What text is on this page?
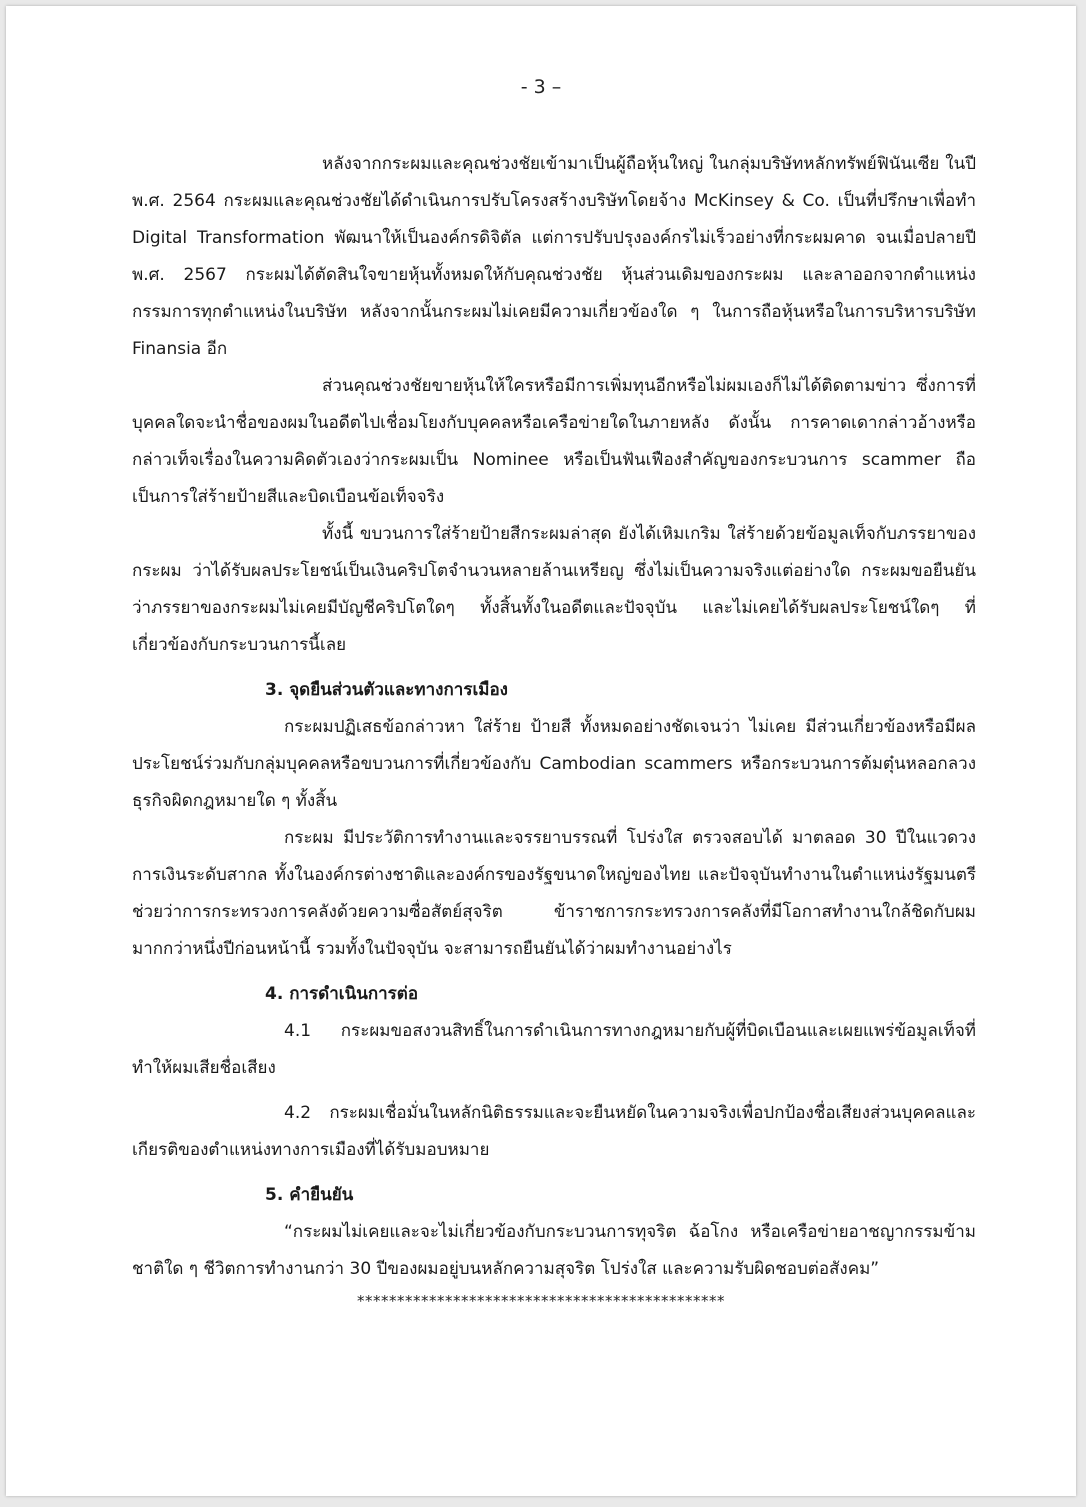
- 3 –

หลังจากกระผมและคุณช่วงชัยเข้ามาเป็นผู้ถือหุ้นใหญ่ ในกลุ่มบริษัทหลักทรัพย์ฟินันเซีย ในปี พ.ศ. 2564 กระผมและคุณช่วงชัยได้ดำเนินการปรับโครงสร้างบริษัทโดยจ้าง McKinsey & Co. เป็นที่ปรึกษาเพื่อทำ Digital Transformation พัฒนาให้เป็นองค์กรดิจิตัล แต่การปรับปรุงองค์กรไม่เร็วอย่างที่กระผมคาด จนเมื่อปลายปี พ.ศ. 2567 กระผมได้ตัดสินใจขายหุ้นทั้งหมดให้กับคุณช่วงชัย หุ้นส่วนเดิมของกระผม และลาออกจากตำแหน่งกรรมการทุกตำแหน่งในบริษัท หลังจากนั้นกระผมไม่เคยมีความเกี่ยวข้องใด ๆ ในการถือหุ้นหรือในการบริหารบริษัท Finansia อีก

ส่วนคุณช่วงชัยขายหุ้นให้ใครหรือมีการเพิ่มทุนอีกหรือไม่ผมเองก็ไม่ได้ติดตามข่าว ซึ่งการที่บุคคลใดจะนำชื่อของผมในอดีตไปเชื่อมโยงกับบุคคลหรือเครือข่ายใดในภายหลัง ดังนั้น การคาดเดากล่าวอ้างหรือกล่าวเท็จเรื่องในความคิดตัวเองว่ากระผมเป็น Nominee หรือเป็นฟันเฟืองสำคัญของกระบวนการ scammer ถือเป็นการใส่ร้ายป้ายสีและบิดเบือนข้อเท็จจริง

ทั้งนี้ ขบวนการใส่ร้ายป้ายสีกระผมล่าสุด ยังได้เหิมเกริม ใส่ร้ายด้วยข้อมูลเท็จกับภรรยาของกระผม ว่าได้รับผลประโยชน์เป็นเงินคริปโตจำนวนหลายล้านเหรียญ ซึ่งไม่เป็นความจริงแต่อย่างใด กระผมขอยืนยันว่าภรรยาของกระผมไม่เคยมีบัญชีคริปโตใดๆ ทั้งสิ้นทั้งในอดีตและปัจจุบัน และไม่เคยได้รับผลประโยชน์ใดๆ ที่เกี่ยวข้องกับกระบวนการนี้เลย

3. จุดยืนส่วนตัวและทางการเมือง

กระผมปฏิเสธข้อกล่าวหา ใส่ร้าย ป้ายสี ทั้งหมดอย่างชัดเจนว่า ไม่เคย มีส่วนเกี่ยวข้องหรือมีผลประโยชน์ร่วมกับกลุ่มบุคคลหรือขบวนการที่เกี่ยวข้องกับ Cambodian scammers หรือกระบวนการต้มตุ๋นหลอกลวง ธุรกิจผิดกฎหมายใด ๆ ทั้งสิ้น

กระผม มีประวัติการทำงานและจรรยาบรรณที่ โปร่งใส ตรวจสอบได้ มาตลอด 30 ปีในแวดวงการเงินระดับสากล ทั้งในองค์กรต่างชาติและองค์กรของรัฐขนาดใหญ่ของไทย และปัจจุบันทำงานในตำแหน่งรัฐมนตรีช่วยว่าการกระทรวงการคลังด้วยความซื่อสัตย์สุจริต ข้าราชการกระทรวงการคลังที่มีโอกาสทำงานใกล้ชิดกับผมมากกว่าหนึ่งปีก่อนหน้านี้ รวมทั้งในปัจจุบัน จะสามารถยืนยันได้ว่าผมทำงานอย่างไร

4. การดำเนินการต่อ

4.1 กระผมขอสงวนสิทธิ์ในการดำเนินการทางกฎหมายกับผู้ที่บิดเบือนและเผยแพร่ข้อมูลเท็จที่ทำให้ผมเสียชื่อเสียง

4.2 กระผมเชื่อมั่นในหลักนิติธรรมและจะยืนหยัดในความจริงเพื่อปกป้องชื่อเสียงส่วนบุคคลและเกียรติของตำแหน่งทางการเมืองที่ได้รับมอบหมาย

5. คำยืนยัน

“กระผมไม่เคยและจะไม่เกี่ยวข้องกับกระบวนการทุจริต ฉ้อโกง หรือเครือข่ายอาชญากรรมข้ามชาติใด ๆ ชีวิตการทำงานกว่า 30 ปีของผมอยู่บนหลักความสุจริต โปร่งใส และความรับผิดชอบต่อสังคม”

**********************************************
